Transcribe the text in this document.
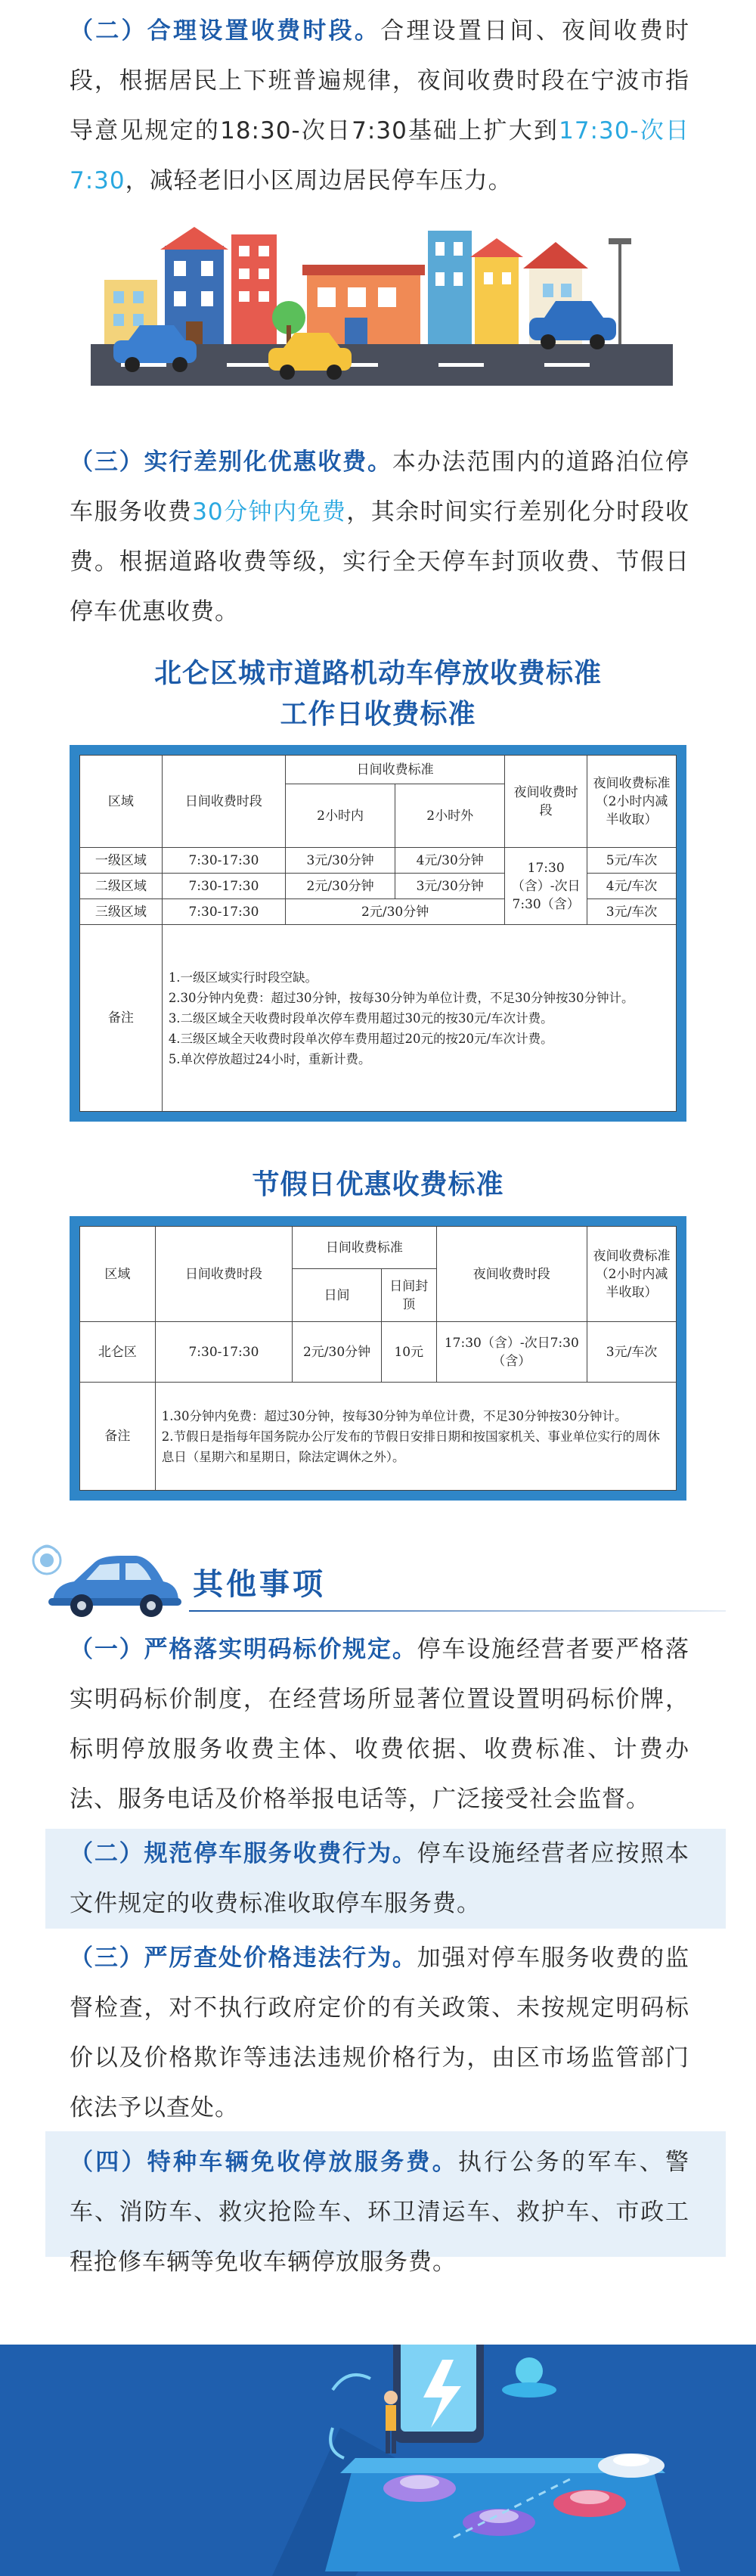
（二）合理设置收费时段。合理设置日间、夜间收费时段，根据居民上下班普遍规律，夜间收费时段在宁波市指导意见规定的18:30-次日7:30基础上扩大到17:30-次日7:30，减轻老旧小区周边居民停车压力。
（三）实行差别化优惠收费。本办法范围内的道路泊位停车服务收费30分钟内免费，其余时间实行差别化分时段收费。根据道路收费等级，实行全天停车封顶收费、节假日停车优惠收费。
北仑区城市道路机动车停放收费标准
工作日收费标准
区域	日间收费时段	日间收费标准		夜间收费时段	夜间收费标准（2小时内减半收取）
		2小时内	2小时外		
一级区域	7:30-17:30	3元/30分钟	4元/30分钟	17:30（含）-次日7:30（含）	5元/车次
二级区域	7:30-17:30	2元/30分钟	3元/30分钟		4元/车次
三级区域	7:30-17:30	2元/30分钟			3元/车次
备注	1.一级区域实行时段空缺。
2.30分钟内免费：超过30分钟，按每30分钟为单位计费，不足30分钟按30分钟计。
3.二级区域全天收费时段单次停车费用超过30元的按30元/车次计费。
4.三级区域全天收费时段单次停车费用超过20元的按20元/车次计费。
5.单次停放超过24小时，重新计费。				
节假日优惠收费标准
区域	日间收费时段	日间收费标准		夜间收费时段	夜间收费标准（2小时内减半收取）
		日间	日间封顶		
北仑区	7:30-17:30	2元/30分钟	10元	17:30（含）-次日7:30（含）	3元/车次
备注	1.30分钟内免费：超过30分钟，按每30分钟为单位计费，不足30分钟按30分钟计。
2.节假日是指每年国务院办公厅发布的节假日安排日期和按国家机关、事业单位实行的周休息日（星期六和星期日，除法定调休之外）。				
其他事项
（一）严格落实明码标价规定。停车设施经营者要严格落实明码标价制度，在经营场所显著位置设置明码标价牌，标明停放服务收费主体、收费依据、收费标准、计费办法、服务电话及价格举报电话等，广泛接受社会监督。
（二）规范停车服务收费行为。停车设施经营者应按照本文件规定的收费标准收取停车服务费。
（三）严厉查处价格违法行为。加强对停车服务收费的监督检查，对不执行政府定价的有关政策、未按规定明码标价以及价格欺诈等违法违规价格行为，由区市场监管部门依法予以查处。
（四）特种车辆免收停放服务费。执行公务的军车、警车、消防车、救灾抢险车、环卫清运车、救护车、市政工程抢修车辆等免收车辆停放服务费。
